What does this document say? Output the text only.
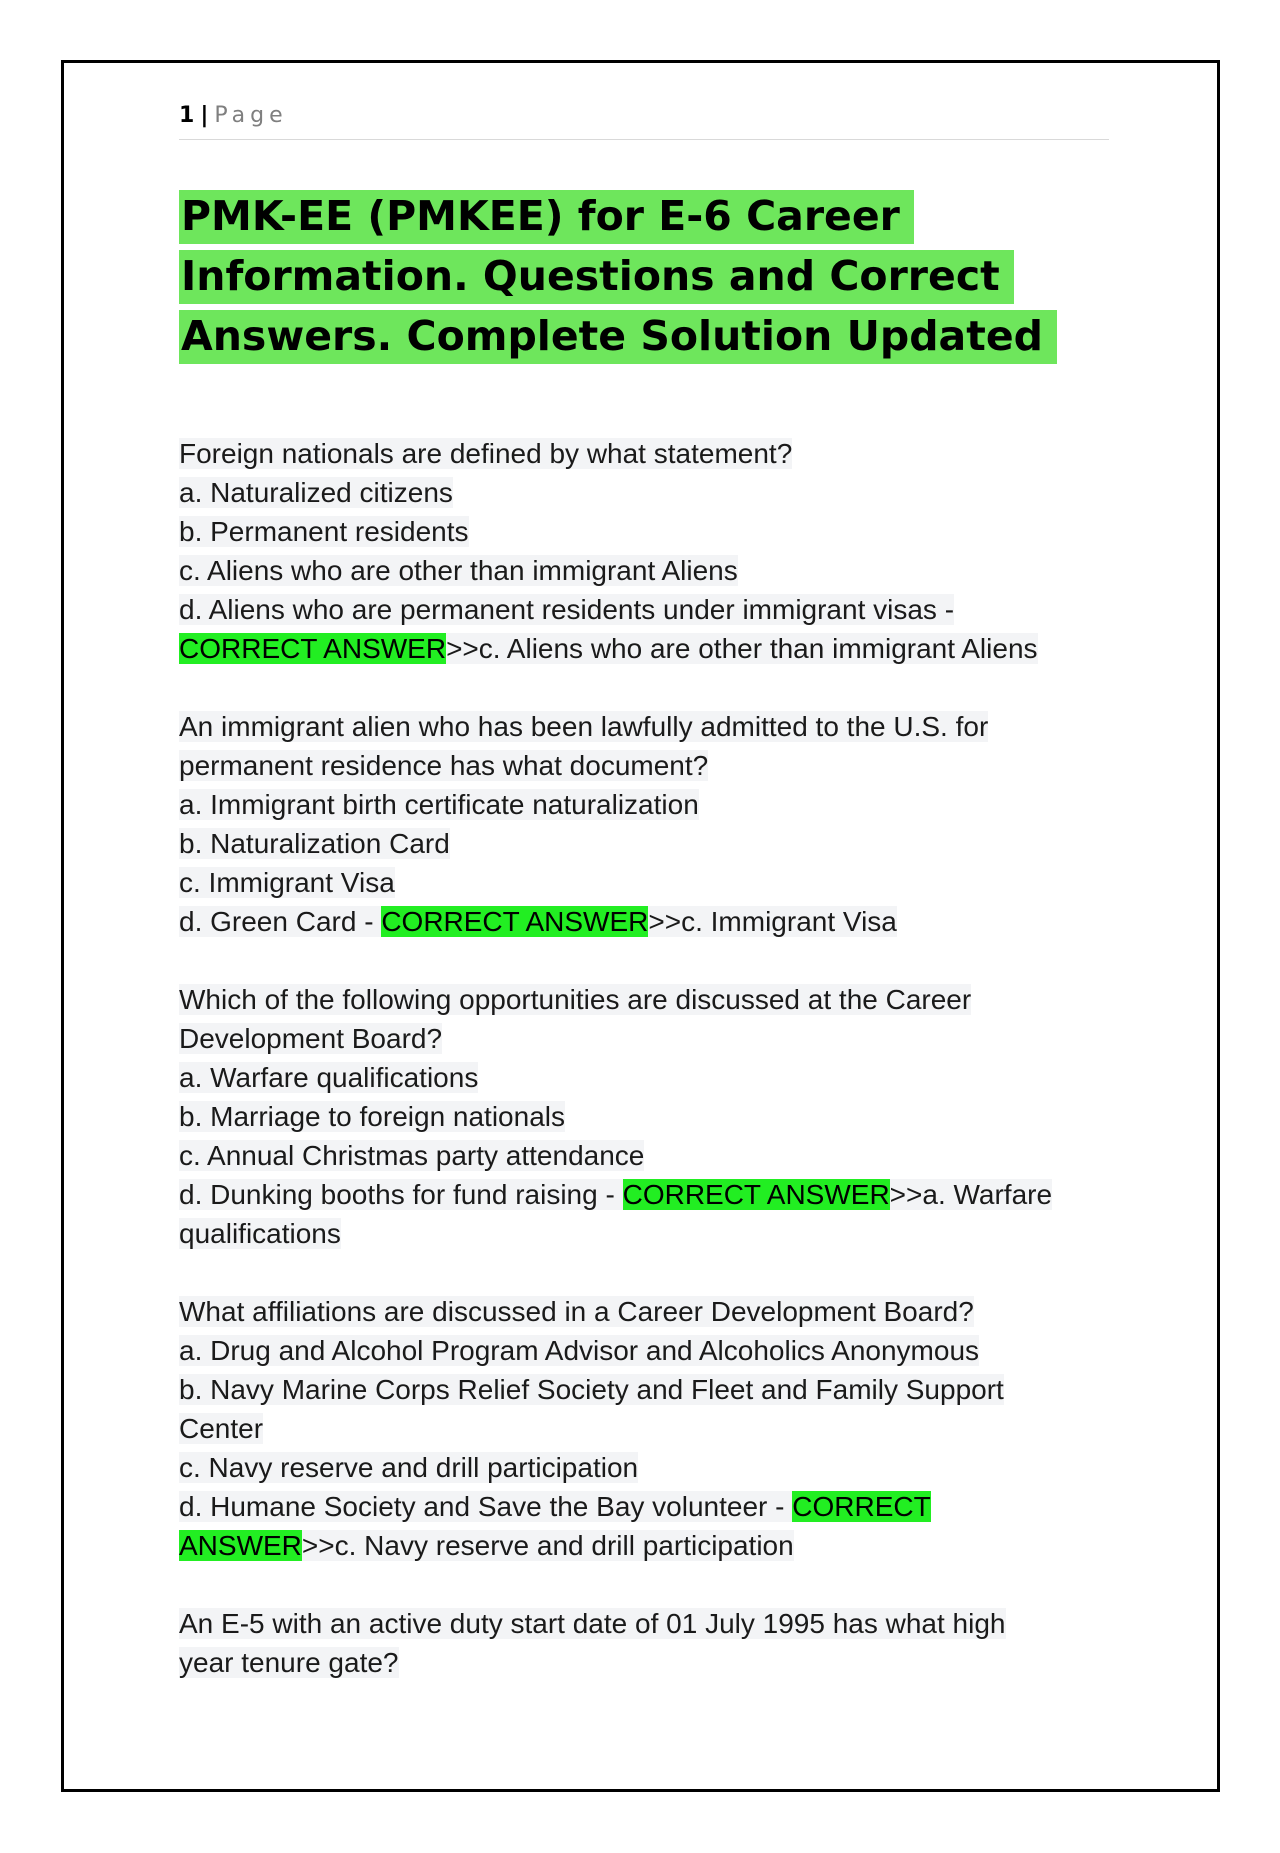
1 | Page
PMK-EE (PMKEE) for E-6 Career
Information. Questions and Correct
Answers. Complete Solution Updated
Foreign nationals are defined by what statement?
a. Naturalized citizens
b. Permanent residents
c. Aliens who are other than immigrant Aliens
d. Aliens who are permanent residents under immigrant visas -
CORRECT ANSWER>>c. Aliens who are other than immigrant Aliens
An immigrant alien who has been lawfully admitted to the U.S. for
permanent residence has what document?
a. Immigrant birth certificate naturalization
b. Naturalization Card
c. Immigrant Visa
d. Green Card - CORRECT ANSWER>>c. Immigrant Visa
Which of the following opportunities are discussed at the Career
Development Board?
a. Warfare qualifications
b. Marriage to foreign nationals
c. Annual Christmas party attendance
d. Dunking booths for fund raising - CORRECT ANSWER>>a. Warfare
qualifications
What affiliations are discussed in a Career Development Board?
a. Drug and Alcohol Program Advisor and Alcoholics Anonymous
b. Navy Marine Corps Relief Society and Fleet and Family Support
Center
c. Navy reserve and drill participation
d. Humane Society and Save the Bay volunteer - CORRECT
ANSWER>>c. Navy reserve and drill participation
An E-5 with an active duty start date of 01 July 1995 has what high
year tenure gate?
